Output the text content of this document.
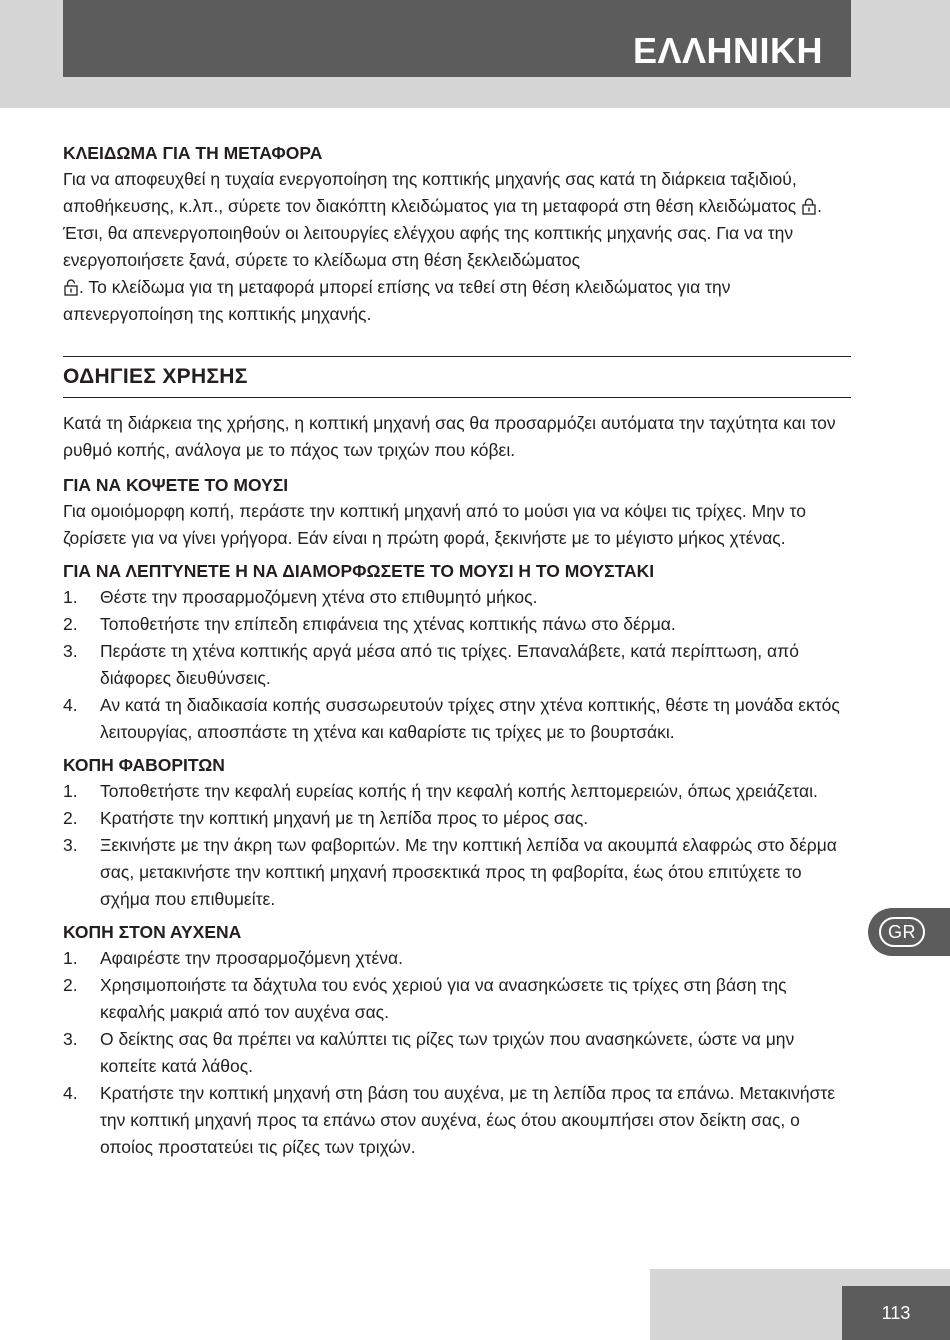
ΕΛΛΗΝΙΚΗ
ΚΛΕΙΔΩΜΑ ΓΙΑ ΤΗ ΜΕΤΑΦΟΡΑ

Για να αποφευχθεί η τυχαία ενεργοποίηση της κοπτικής μηχανής σας κατά τη διάρκεια ταξιδιού, αποθήκευσης, κ.λπ., σύρετε τον διακόπτη κλειδώματος για τη μεταφορά στη θέση κλειδώματος . Έτσι, θα απενεργοποιηθούν οι λειτουργίες ελέγχου αφής της κοπτικής μηχανής σας. Για να την ενεργοποιήσετε ξανά, σύρετε το κλείδωμα στη θέση ξεκλειδώματος
. Το κλείδωμα για τη μεταφορά μπορεί επίσης να τεθεί στη θέση κλειδώματος για την απενεργοποίηση της κοπτικής μηχανής.

ΟΔΗΓΙΕΣ ΧΡΗΣΗΣ

Κατά τη διάρκεια της χρήσης, η κοπτική μηχανή σας θα προσαρμόζει αυτόματα την ταχύτητα και τον ρυθμό κοπής, ανάλογα με το πάχος των τριχών που κόβει.

ΓΙΑ ΝΑ ΚΟΨΕΤΕ ΤΟ ΜΟΥΣΙ

Για ομοιόμορφη κοπή, περάστε την κοπτική μηχανή από το μούσι για να κόψει τις τρίχες. Μην το ζορίσετε για να γίνει γρήγορα. Εάν είναι η πρώτη φορά, ξεκινήστε με το μέγιστο μήκος χτένας.

ΓΙΑ ΝΑ ΛΕΠΤΥΝΕΤΕ Η ΝΑ ΔΙΑΜΟΡΦΩΣΕΤΕ ΤΟ ΜΟΥΣΙ Η ΤΟ ΜΟΥΣΤΑΚΙ
1. Θέστε την προσαρμοζόμενη χτένα στο επιθυμητό μήκος.
2. Τοποθετήστε την επίπεδη επιφάνεια της χτένας κοπτικής πάνω στο δέρμα.
3. Περάστε τη χτένα κοπτικής αργά μέσα από τις τρίχες. Επαναλάβετε, κατά περίπτωση, από διάφορες διευθύνσεις.
4. Αν κατά τη διαδικασία κοπής συσσωρευτούν τρίχες στην χτένα κοπτικής, θέστε τη μονάδα εκτός λειτουργίας, αποσπάστε τη χτένα και καθαρίστε τις τρίχες με το βουρτσάκι.
ΚΟΠΗ ΦΑΒΟΡΙΤΩΝ
1. Τοποθετήστε την κεφαλή ευρείας κοπής ή την κεφαλή κοπής λεπτομερειών, όπως χρειάζεται.
2. Κρατήστε την κοπτική μηχανή με τη λεπίδα προς το μέρος σας.
3. Ξεκινήστε με την άκρη των φαβοριτών. Με την κοπτική λεπίδα να ακουμπά ελαφρώς στο δέρμα σας, μετακινήστε την κοπτική μηχανή προσεκτικά προς τη φαβορίτα, έως ότου επιτύχετε το σχήμα που επιθυμείτε.
ΚΟΠΗ ΣΤΟΝ ΑΥΧΕΝΑ
1. Αφαιρέστε την προσαρμοζόμενη χτένα.
2. Χρησιμοποιήστε τα δάχτυλα του ενός χεριού για να ανασηκώσετε τις τρίχες στη βάση της κεφαλής μακριά από τον αυχένα σας.
3. Ο δείκτης σας θα πρέπει να καλύπτει τις ρίζες των τριχών που ανασηκώνετε, ώστε να μην κοπείτε κατά λάθος.
4. Κρατήστε την κοπτική μηχανή στη βάση του αυχένα, με τη λεπίδα προς τα επάνω. Μετακινήστε την κοπτική μηχανή προς τα επάνω στον αυχένα, έως ότου ακουμπήσει στον δείκτη σας, ο οποίος προστατεύει τις ρίζες των τριχών.
GR
113
